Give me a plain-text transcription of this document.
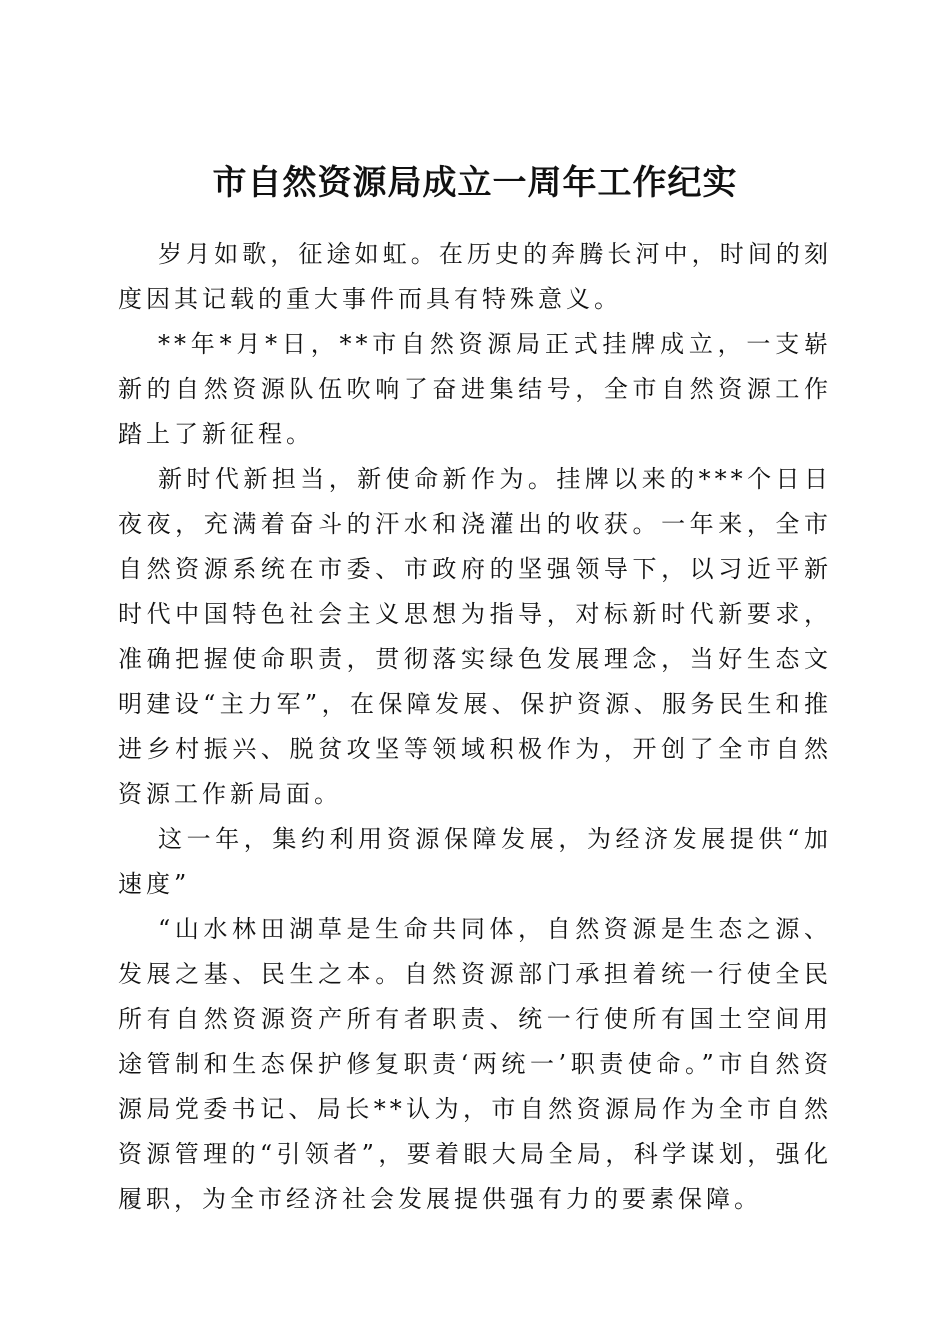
市自然资源局成立一周年工作纪实

岁月如歌，征途如虹。在历史的奔腾长河中，时间的刻度因其记载的重大事件而具有特殊意义。

**年*月*日，**市自然资源局正式挂牌成立，一支崭新的自然资源队伍吹响了奋进集结号，全市自然资源工作踏上了新征程。

新时代新担当，新使命新作为。挂牌以来的***个日日夜夜，充满着奋斗的汗水和浇灌出的收获。一年来，全市自然资源系统在市委、市政府的坚强领导下，以习近平新时代中国特色社会主义思想为指导，对标新时代新要求，准确把握使命职责，贯彻落实绿色发展理念，当好生态文明建设“主力军”，在保障发展、保护资源、服务民生和推进乡村振兴、脱贫攻坚等领域积极作为，开创了全市自然资源工作新局面。

这一年，集约利用资源保障发展，为经济发展提供“加速度”

“山水林田湖草是生命共同体，自然资源是生态之源、发展之基、民生之本。自然资源部门承担着统一行使全民所有自然资源资产所有者职责、统一行使所有国土空间用途管制和生态保护修复职责‘两统一’职责使命。”市自然资源局党委书记、局长**认为，市自然资源局作为全市自然资源管理的“引领者”，要着眼大局全局，科学谋划，强化履职，为全市经济社会发展提供强有力的要素保障。
